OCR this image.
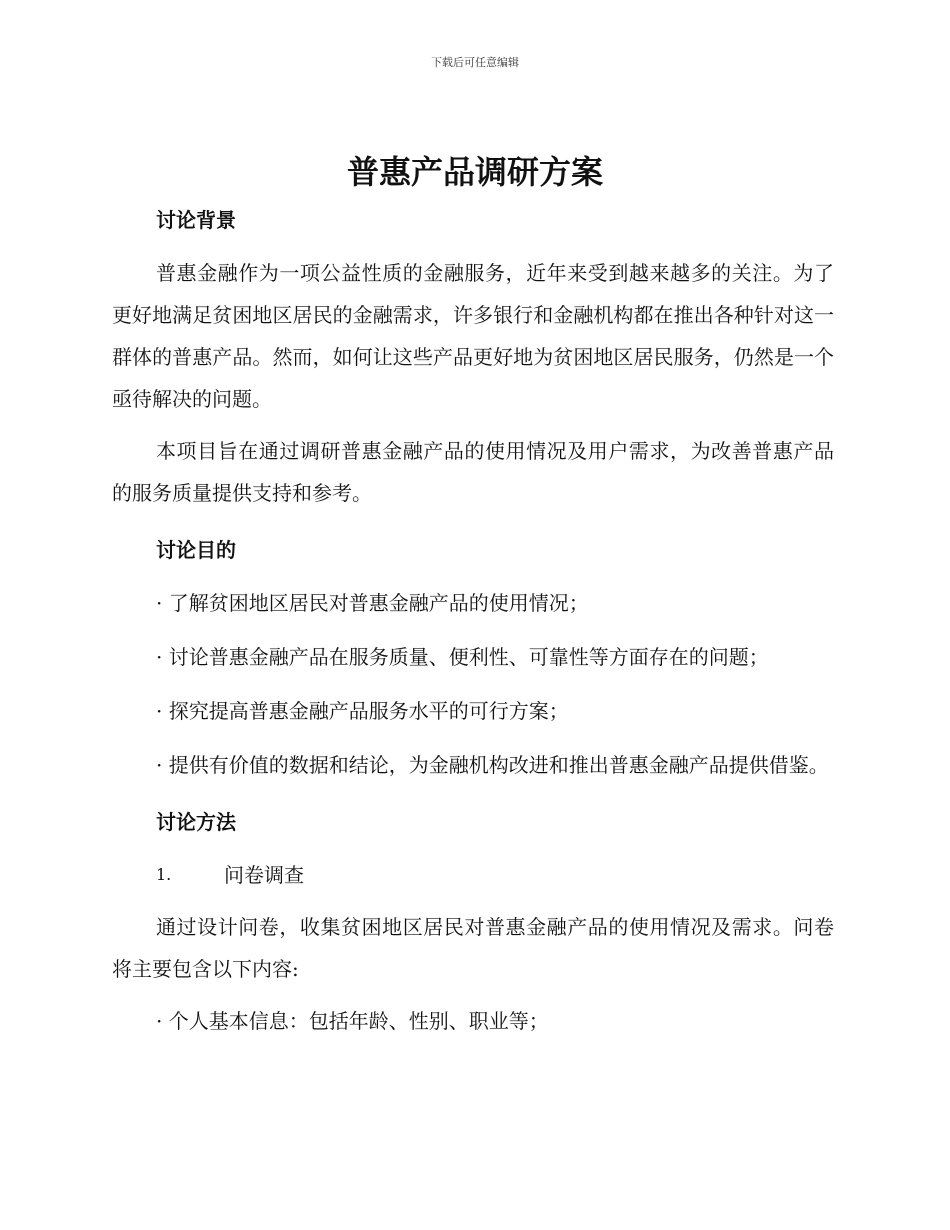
下载后可任意编辑
普惠产品调研方案
讨论背景

普惠金融作为一项公益性质的金融服务，近年来受到越来越多的关注。为了更好地满足贫困地区居民的金融需求，许多银行和金融机构都在推出各种针对这一群体的普惠产品。然而，如何让这些产品更好地为贫困地区居民服务，仍然是一个亟待解决的问题。

本项目旨在通过调研普惠金融产品的使用情况及用户需求，为改善普惠产品的服务质量提供支持和参考。

讨论目的

· 了解贫困地区居民对普惠金融产品的使用情况；

· 讨论普惠金融产品在服务质量、便利性、可靠性等方面存在的问题；

· 探究提高普惠金融产品服务水平的可行方案；

· 提供有价值的数据和结论，为金融机构改进和推出普惠金融产品提供借鉴。

讨论方法
1.	问卷调查

通过设计问卷，收集贫困地区居民对普惠金融产品的使用情况及需求。问卷将主要包含以下内容:

· 个人基本信息：包括年龄、性别、职业等；
